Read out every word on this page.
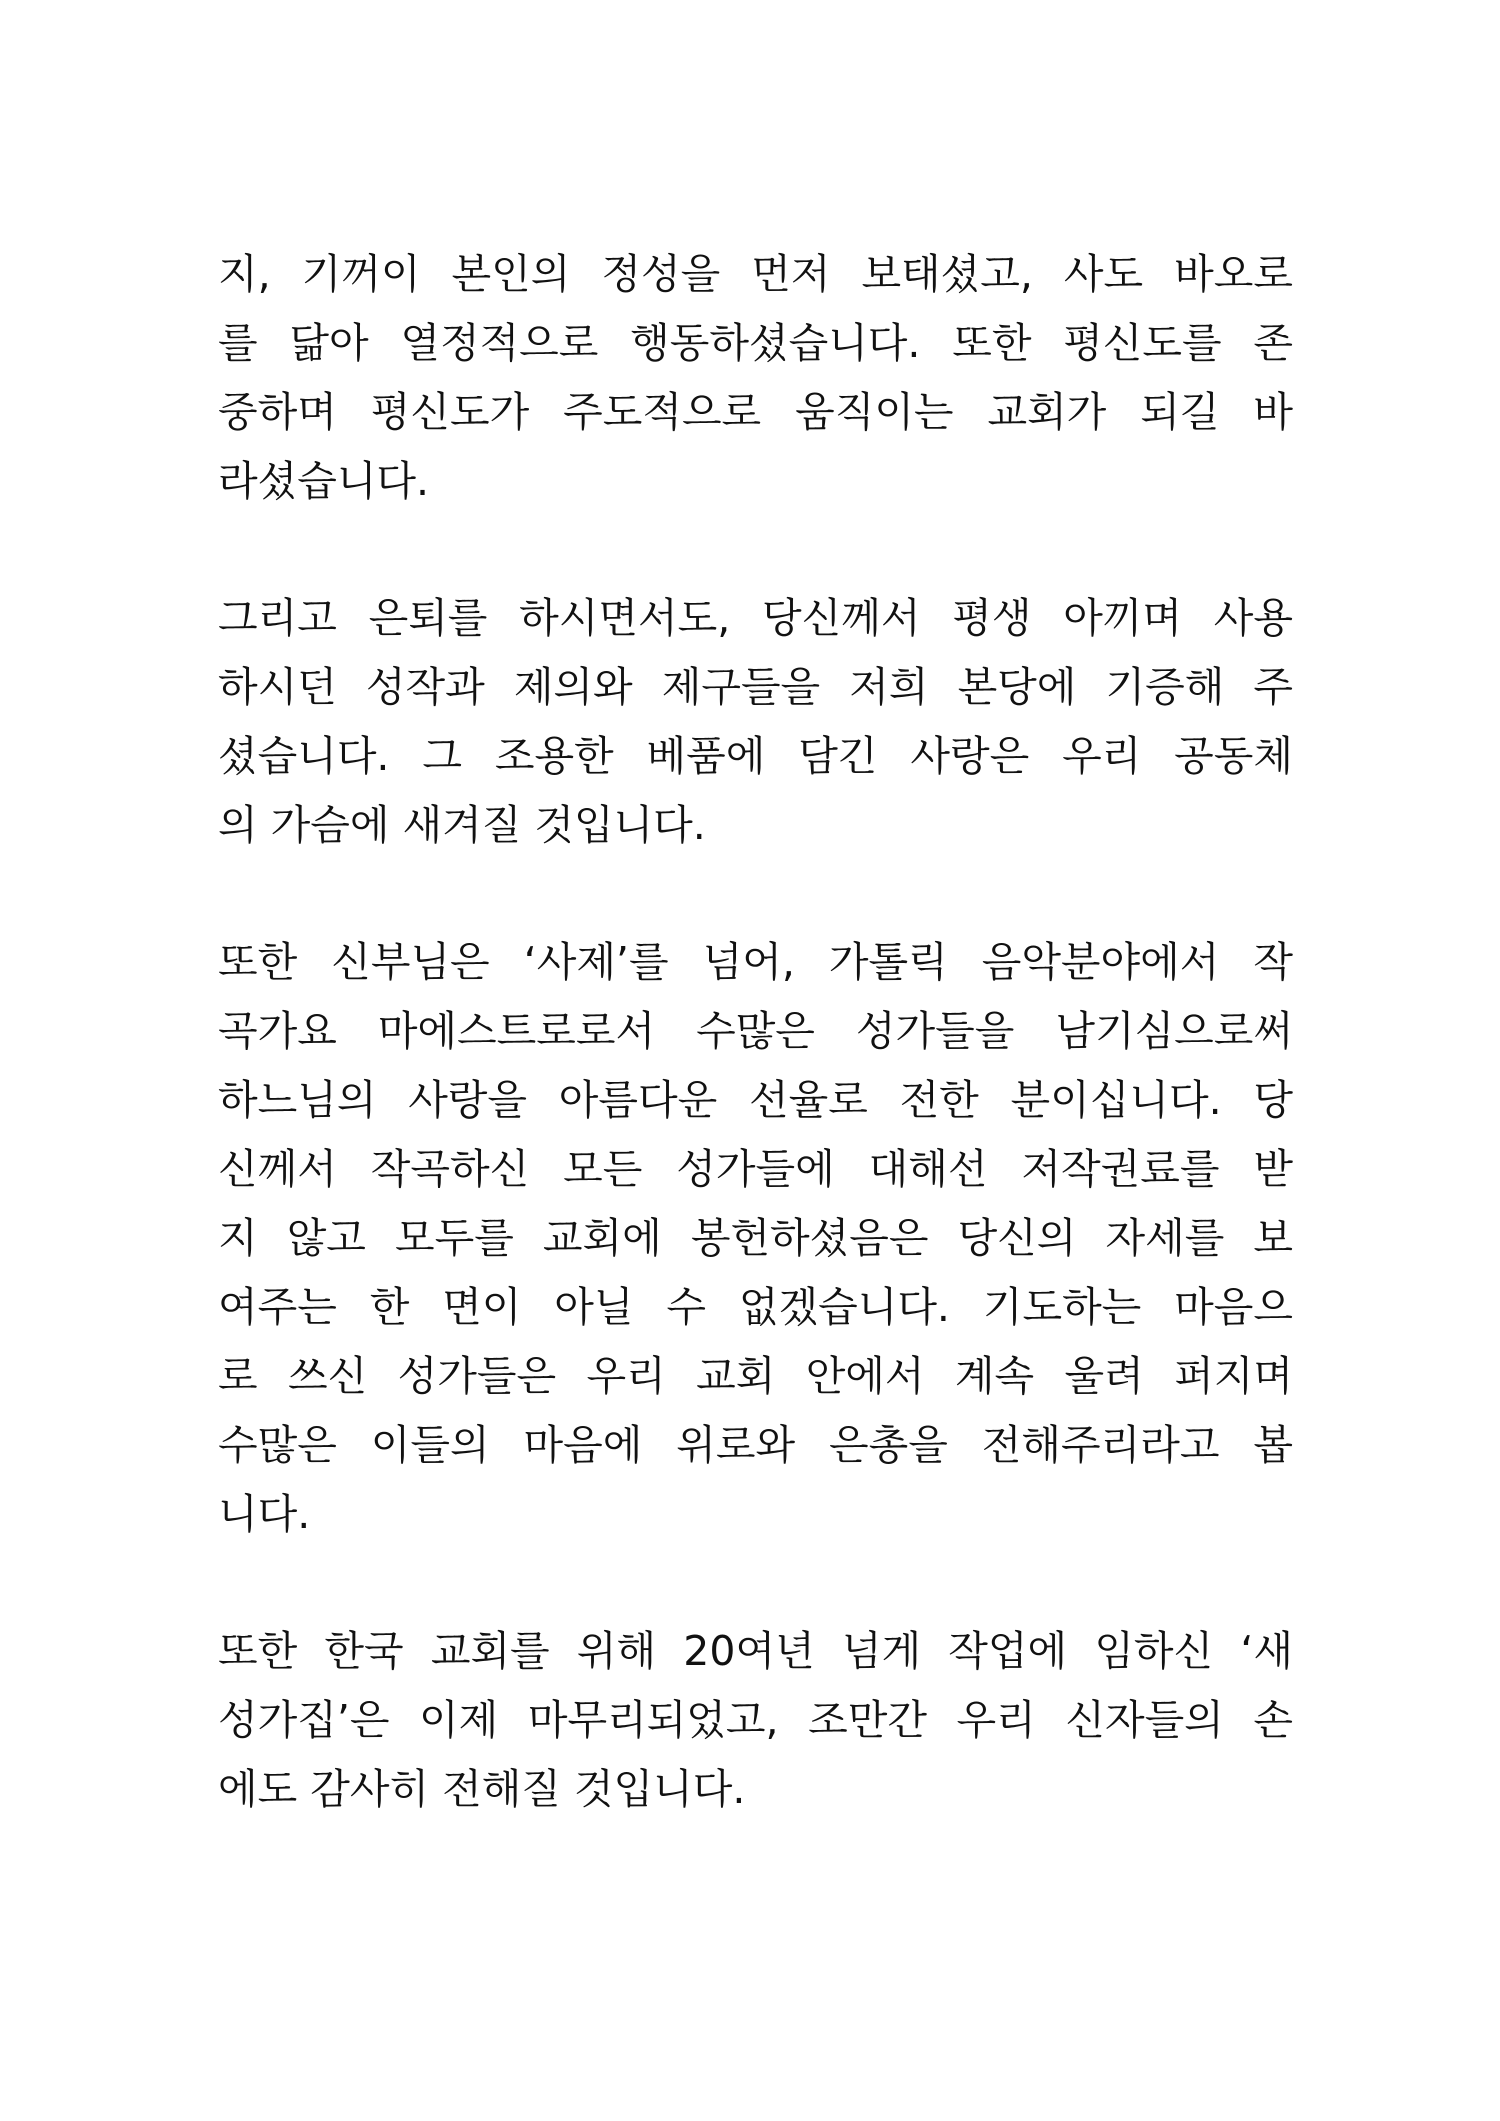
지, 기꺼이 본인의 정성을 먼저 보태셨고, 사도 바오로
를 닮아 열정적으로 행동하셨습니다. 또한 평신도를 존
중하며 평신도가 주도적으로 움직이는 교회가 되길 바
라셨습니다.
그리고 은퇴를 하시면서도, 당신께서 평생 아끼며 사용
하시던 성작과 제의와 제구들을 저희 본당에 기증해 주
셨습니다. 그 조용한 베품에 담긴 사랑은 우리 공동체
의 가슴에 새겨질 것입니다.
또한 신부님은 ‘사제’를 넘어, 가톨릭 음악분야에서 작
곡가요 마에스트로로서 수많은 성가들을 남기심으로써
하느님의 사랑을 아름다운 선율로 전한 분이십니다. 당
신께서 작곡하신 모든 성가들에 대해선 저작권료를 받
지 않고 모두를 교회에 봉헌하셨음은 당신의 자세를 보
여주는 한 면이 아닐 수 없겠습니다. 기도하는 마음으
로 쓰신 성가들은 우리 교회 안에서 계속 울려 퍼지며
수많은 이들의 마음에 위로와 은총을 전해주리라고 봅
니다.
또한 한국 교회를 위해 20여년 넘게 작업에 임하신 ‘새
성가집’은 이제 마무리되었고, 조만간 우리 신자들의 손
에도 감사히 전해질 것입니다.
